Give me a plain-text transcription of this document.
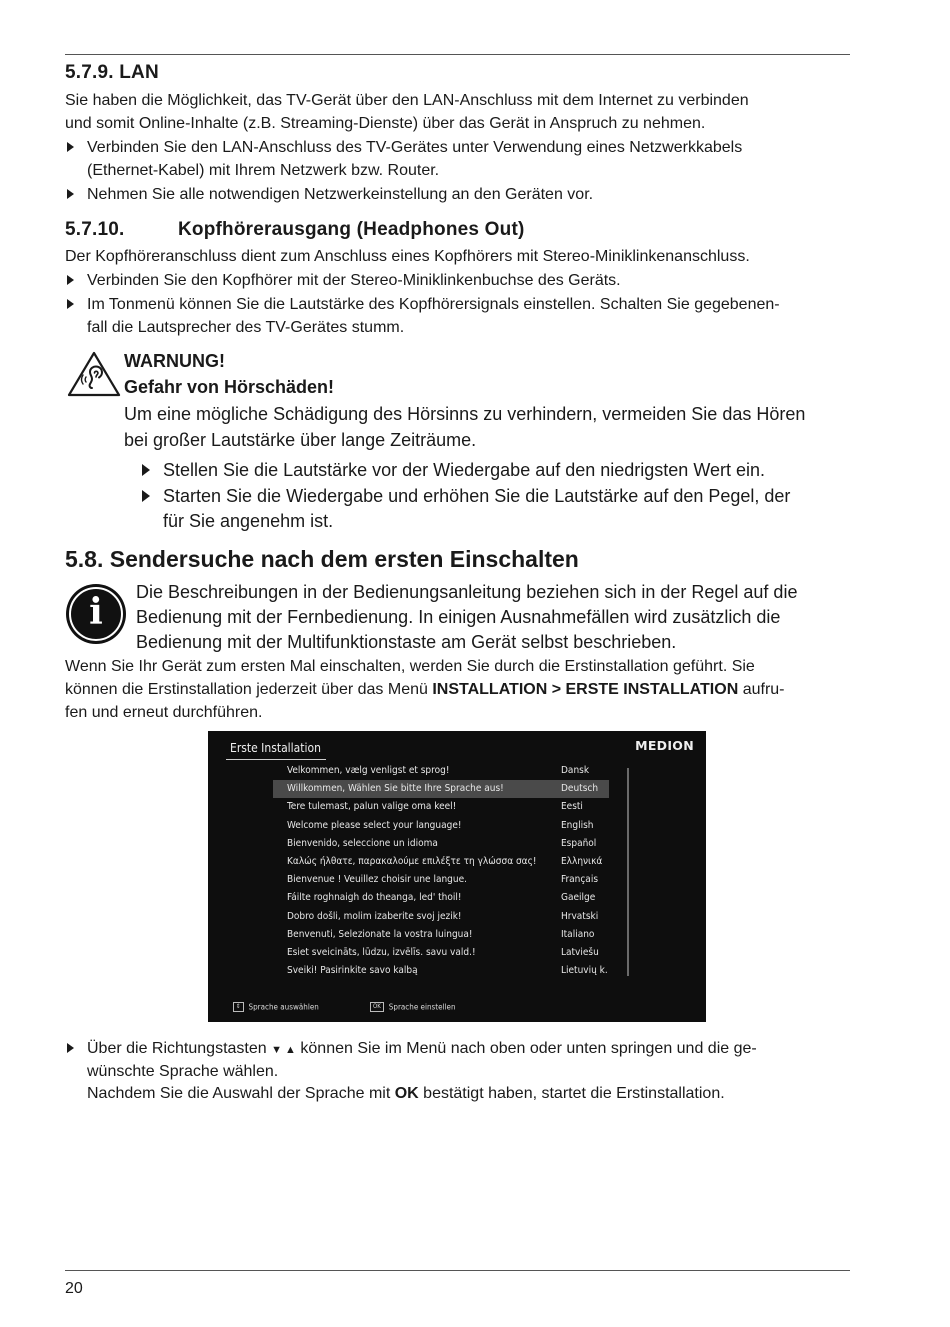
5.7.9. LAN
Sie haben die Möglichkeit, das TV-Gerät über den LAN-Anschluss mit dem Internet zu verbinden
und somit Online-Inhalte (z.B. Streaming-Dienste) über das Gerät in Anspruch zu nehmen.
Verbinden Sie den LAN-Anschluss des TV-Gerätes unter Verwendung eines Netzwerkkabels
(Ethernet-Kabel) mit Ihrem Netzwerk bzw. Router.
Nehmen Sie alle notwendigen Netzwerkeinstellung an den Geräten vor.
5.7.10.	Kopfhörerausgang (Headphones Out)
Der Kopfhöreranschluss dient zum Anschluss eines Kopfhörers mit Stereo-Miniklinkenanschluss.
Verbinden Sie den Kopfhörer mit der Stereo-Miniklinkenbuchse des Geräts.
Im Tonmenü können Sie die Lautstärke des Kopfhörersignals einstellen. Schalten Sie gegebenen-
fall die Lautsprecher des TV-Gerätes stumm.
WARNUNG!
Gefahr von Hörschäden!
Um eine mögliche Schädigung des Hörsinns zu verhindern, vermeiden Sie das Hören
bei großer Lautstärke über lange Zeiträume.
Stellen Sie die Lautstärke vor der Wiedergabe auf den niedrigsten Wert ein.
Starten Sie die Wiedergabe und erhöhen Sie die Lautstärke auf den Pegel, der
für Sie angenehm ist.
5.8. Sendersuche nach dem ersten Einschalten
i	Die Beschreibungen in der Bedienungsanleitung beziehen sich in der Regel auf die
Bedienung mit der Fernbedienung. In einigen Ausnahmefällen wird zusätzlich die
Bedienung mit der Multifunktionstaste am Gerät selbst beschrieben.
Wenn Sie Ihr Gerät zum ersten Mal einschalten, werden Sie durch die Erstinstallation geführt. Sie
können die Erstinstallation jederzeit über das Menü INSTALLATION > ERSTE INSTALLATION aufru-
fen und erneut durchführen.
Erste Installation	MEDION
Velkommen, vælg venligst et sprog!	Dansk
Willkommen, Wählen Sie bitte Ihre Sprache aus!	Deutsch
Tere tulemast, palun valige oma keel!	Eesti
Welcome please select your language!	English
Bienvenido, seleccione un idioma	Español
Καλώς ήλθατε, παρακαλούμε επιλέξτε τη γλώσσα σας! Ελληνικά
Bienvenue ! Veuillez choisir une langue.	Français
Fáilte roghnaigh do theanga, led' thoil!	Gaeilge
Dobro došli, molim izaberite svoj jezik!	Hrvatski
Benvenuti, Selezionate la vostra luingua!	Italiano
Esiet sveicināts, lūdzu, izvēlīs. savu vald.!	Latviešu
Sveiki! Pasirinkite savo kalbą	Lietuvių k.
⇕ Sprache auswählen	OK Sprache einstellen
Über die Richtungstasten ▼ ▲ können Sie im Menü nach oben oder unten springen und die ge-
wünschte Sprache wählen.
Nachdem Sie die Auswahl der Sprache mit OK bestätigt haben, startet die Erstinstallation.
20
